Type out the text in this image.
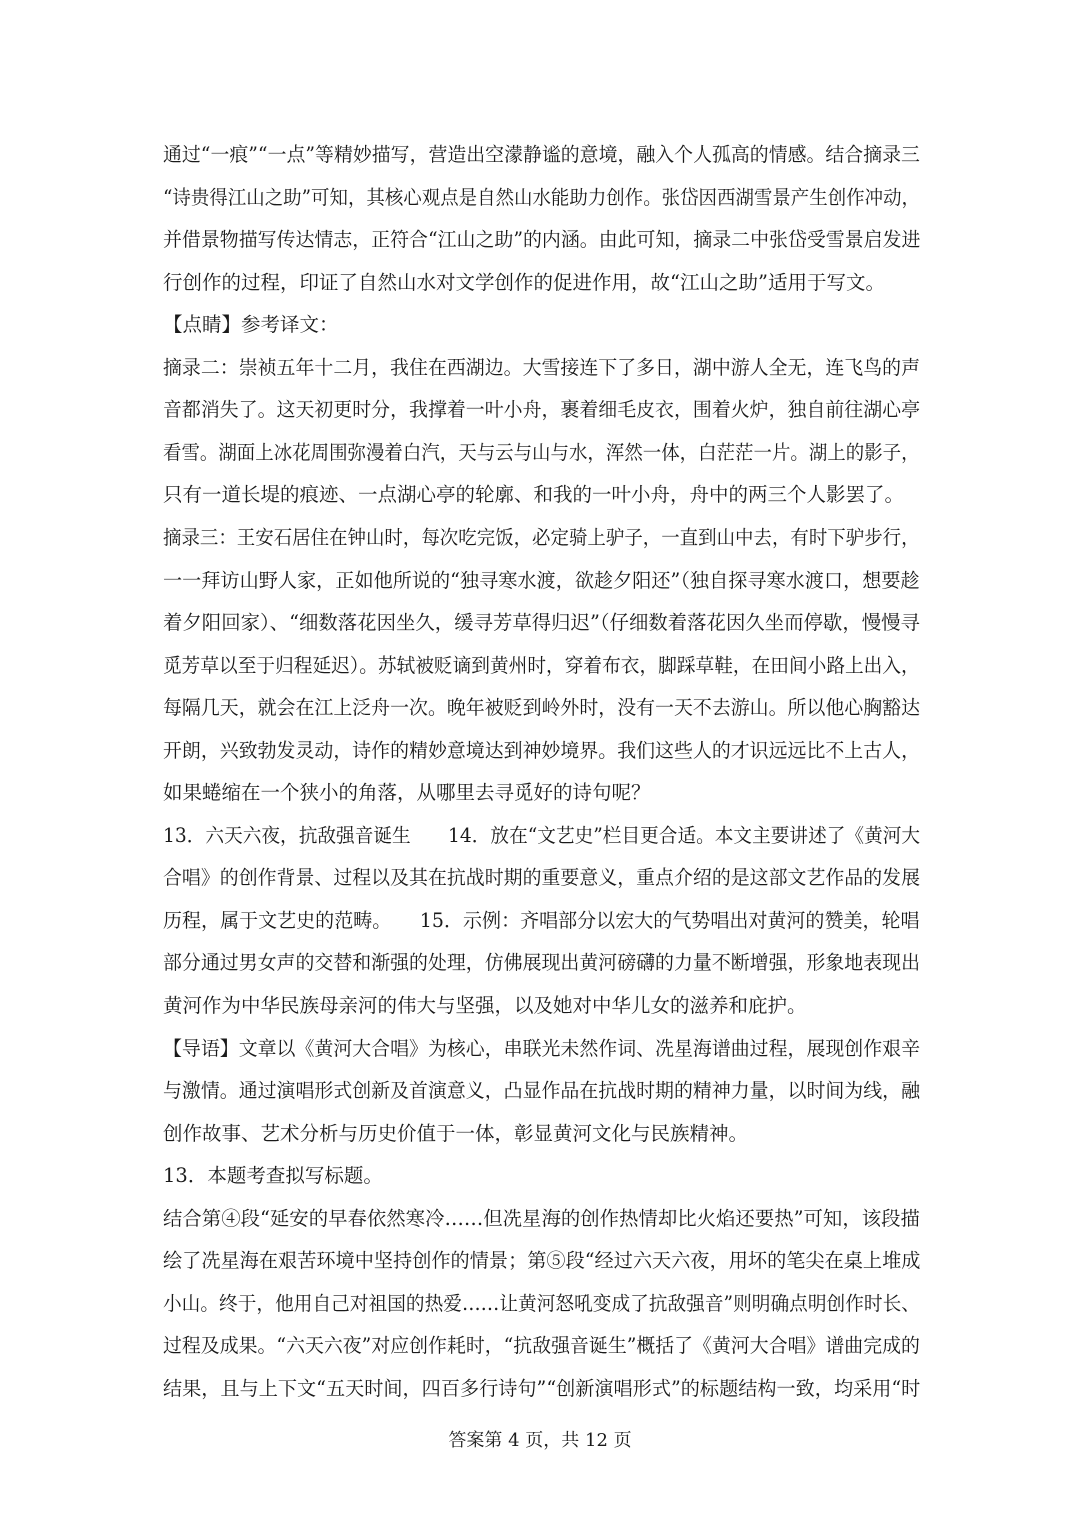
通过“一痕”“一点”等精妙描写，营造出空濛静谧的意境，融入个人孤高的情感。结合摘录三
“诗贵得江山之助”可知，其核心观点是自然山水能助力创作。张岱因西湖雪景产生创作冲动，
并借景物描写传达情志，正符合“江山之助”的内涵。由此可知，摘录二中张岱受雪景启发进
行创作的过程，印证了自然山水对文学创作的促进作用，故“江山之助”适用于写文。
【点睛】参考译文：
摘录二：崇祯五年十二月，我住在西湖边。大雪接连下了多日，湖中游人全无，连飞鸟的声
音都消失了。这天初更时分，我撑着一叶小舟，裹着细毛皮衣，围着火炉，独自前往湖心亭
看雪。湖面上冰花周围弥漫着白汽，天与云与山与水，浑然一体，白茫茫一片。湖上的影子，
只有一道长堤的痕迹、一点湖心亭的轮廓、和我的一叶小舟，舟中的两三个人影罢了。
摘录三：王安石居住在钟山时，每次吃完饭，必定骑上驴子，一直到山中去，有时下驴步行，
一一拜访山野人家，正如他所说的“独寻寒水渡，欲趁夕阳还”（独自探寻寒水渡口，想要趁
着夕阳回家）、“细数落花因坐久，缓寻芳草得归迟”（仔细数着落花因久坐而停歇，慢慢寻
觅芳草以至于归程延迟）。苏轼被贬谪到黄州时，穿着布衣，脚踩草鞋，在田间小路上出入，
每隔几天，就会在江上泛舟一次。晚年被贬到岭外时，没有一天不去游山。所以他心胸豁达
开朗，兴致勃发灵动，诗作的精妙意境达到神妙境界。我们这些人的才识远远比不上古人，
如果蜷缩在一个狭小的角落，从哪里去寻觅好的诗句呢？
13．六天六夜，抗敌强音诞生　　14．放在“文艺史”栏目更合适。本文主要讲述了《黄河大
合唱》的创作背景、过程以及其在抗战时期的重要意义，重点介绍的是这部文艺作品的发展
历程，属于文艺史的范畴。　　15．示例：齐唱部分以宏大的气势唱出对黄河的赞美，轮唱
部分通过男女声的交替和渐强的处理，仿佛展现出黄河磅礴的力量不断增强，形象地表现出
黄河作为中华民族母亲河的伟大与坚强，以及她对中华儿女的滋养和庇护。
【导语】文章以《黄河大合唱》为核心，串联光未然作词、冼星海谱曲过程，展现创作艰辛
与激情。通过演唱形式创新及首演意义，凸显作品在抗战时期的精神力量，以时间为线，融
创作故事、艺术分析与历史价值于一体，彰显黄河文化与民族精神。
13．本题考查拟写标题。
结合第④段“延安的早春依然寒冷……但冼星海的创作热情却比火焰还要热”可知，该段描
绘了冼星海在艰苦环境中坚持创作的情景；第⑤段“经过六天六夜，用坏的笔尖在桌上堆成
小山。终于，他用自己对祖国的热爱……让黄河怒吼变成了抗敌强音”则明确点明创作时长、
过程及成果。“六天六夜”对应创作耗时，“抗敌强音诞生”概括了《黄河大合唱》谱曲完成的
结果，且与上下文“五天时间，四百多行诗句”“创新演唱形式”的标题结构一致，均采用“时
答案第 4 页，共 12 页
